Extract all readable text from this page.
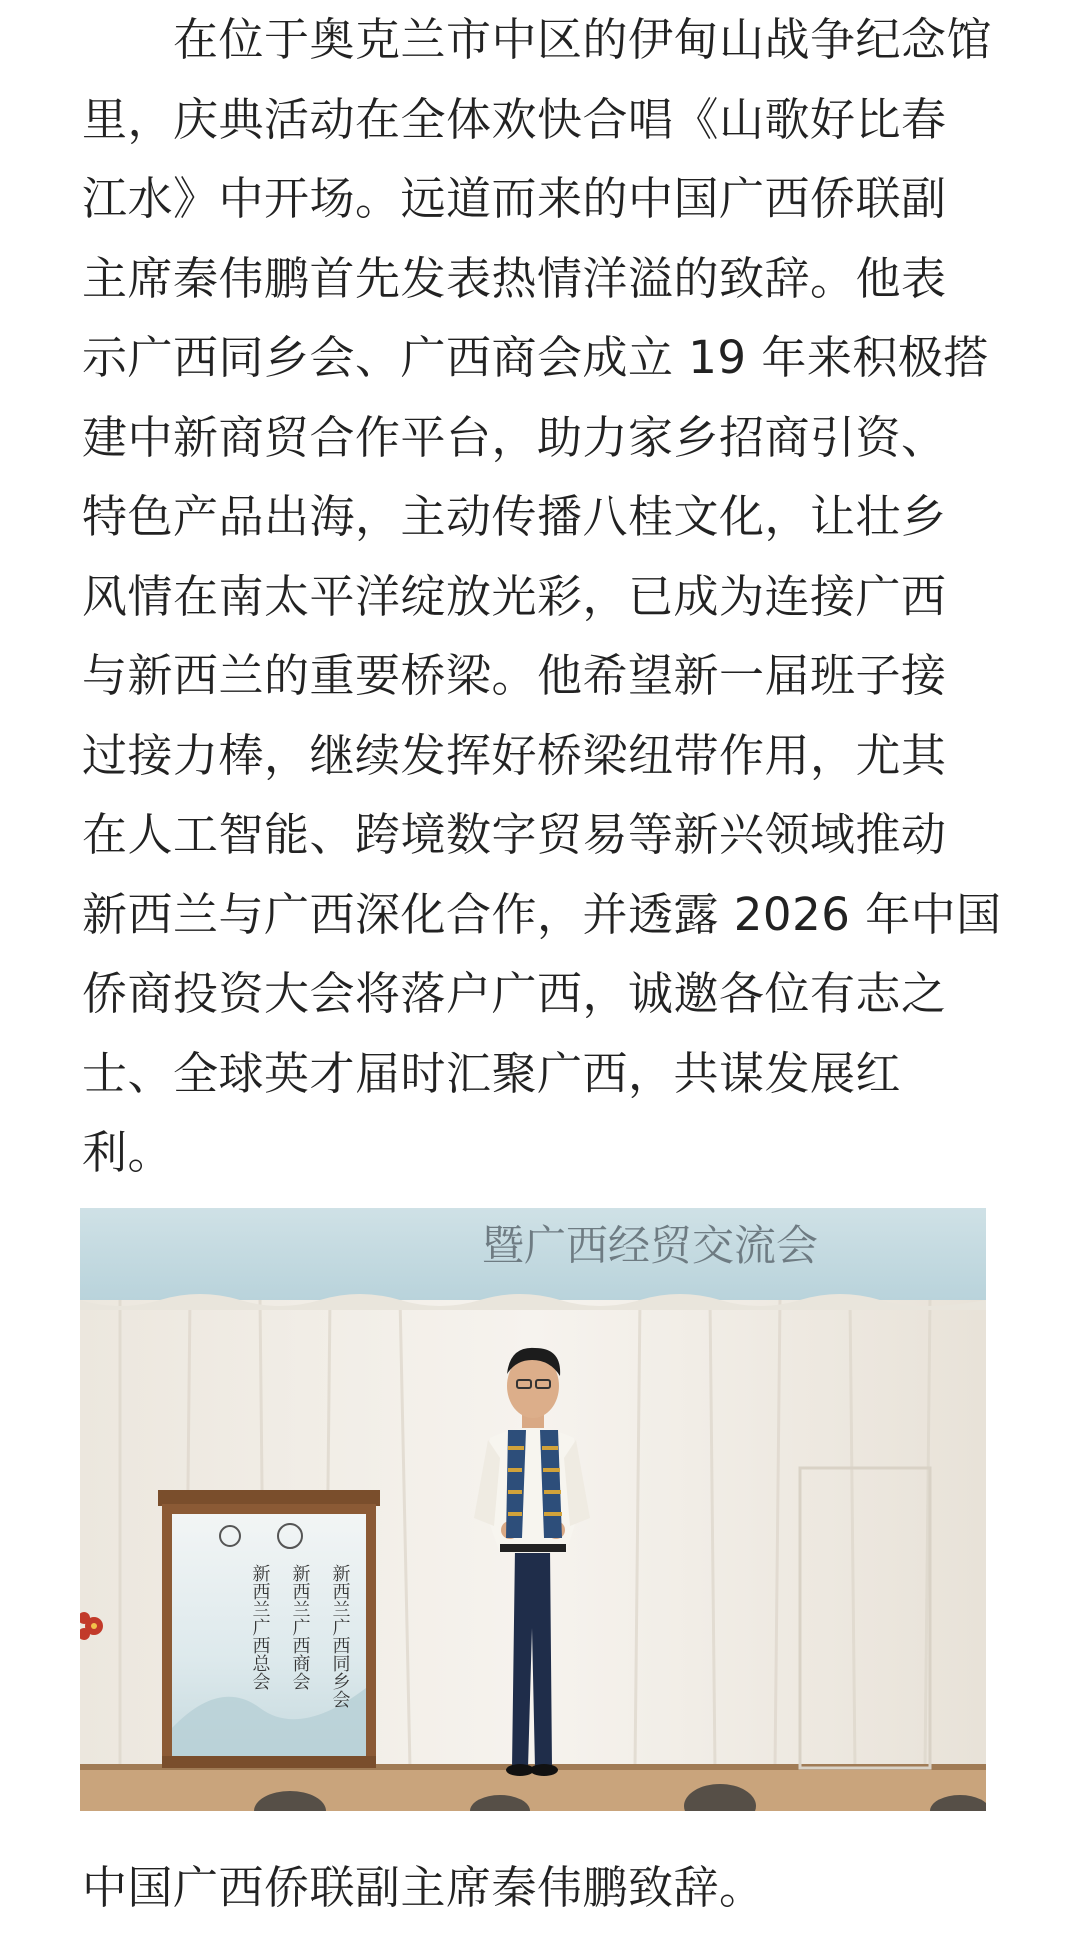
　　在位于奥克兰市中区的伊甸山战争纪念馆
里，庆典活动在全体欢快合唱《山歌好比春
江水》中开场。远道而来的中国广西侨联副
主席秦伟鹏首先发表热情洋溢的致辞。他表
示广西同乡会、广西商会成立 19 年来积极搭
建中新商贸合作平台，助力家乡招商引资、
特色产品出海，主动传播八桂文化，让壮乡
风情在南太平洋绽放光彩，已成为连接广西
与新西兰的重要桥梁。他希望新一届班子接
过接力棒，继续发挥好桥梁纽带作用，尤其
在人工智能、跨境数字贸易等新兴领域推动
新西兰与广西深化合作，并透露 2026 年中国
侨商投资大会将落户广西，诚邀各位有志之
士、全球英才届时汇聚广西，共谋发展红
利。

暨广西经贸交流会
新西兰广西同乡会
新西兰广西商会
新西兰广西总会

中国广西侨联副主席秦伟鹏致辞。
